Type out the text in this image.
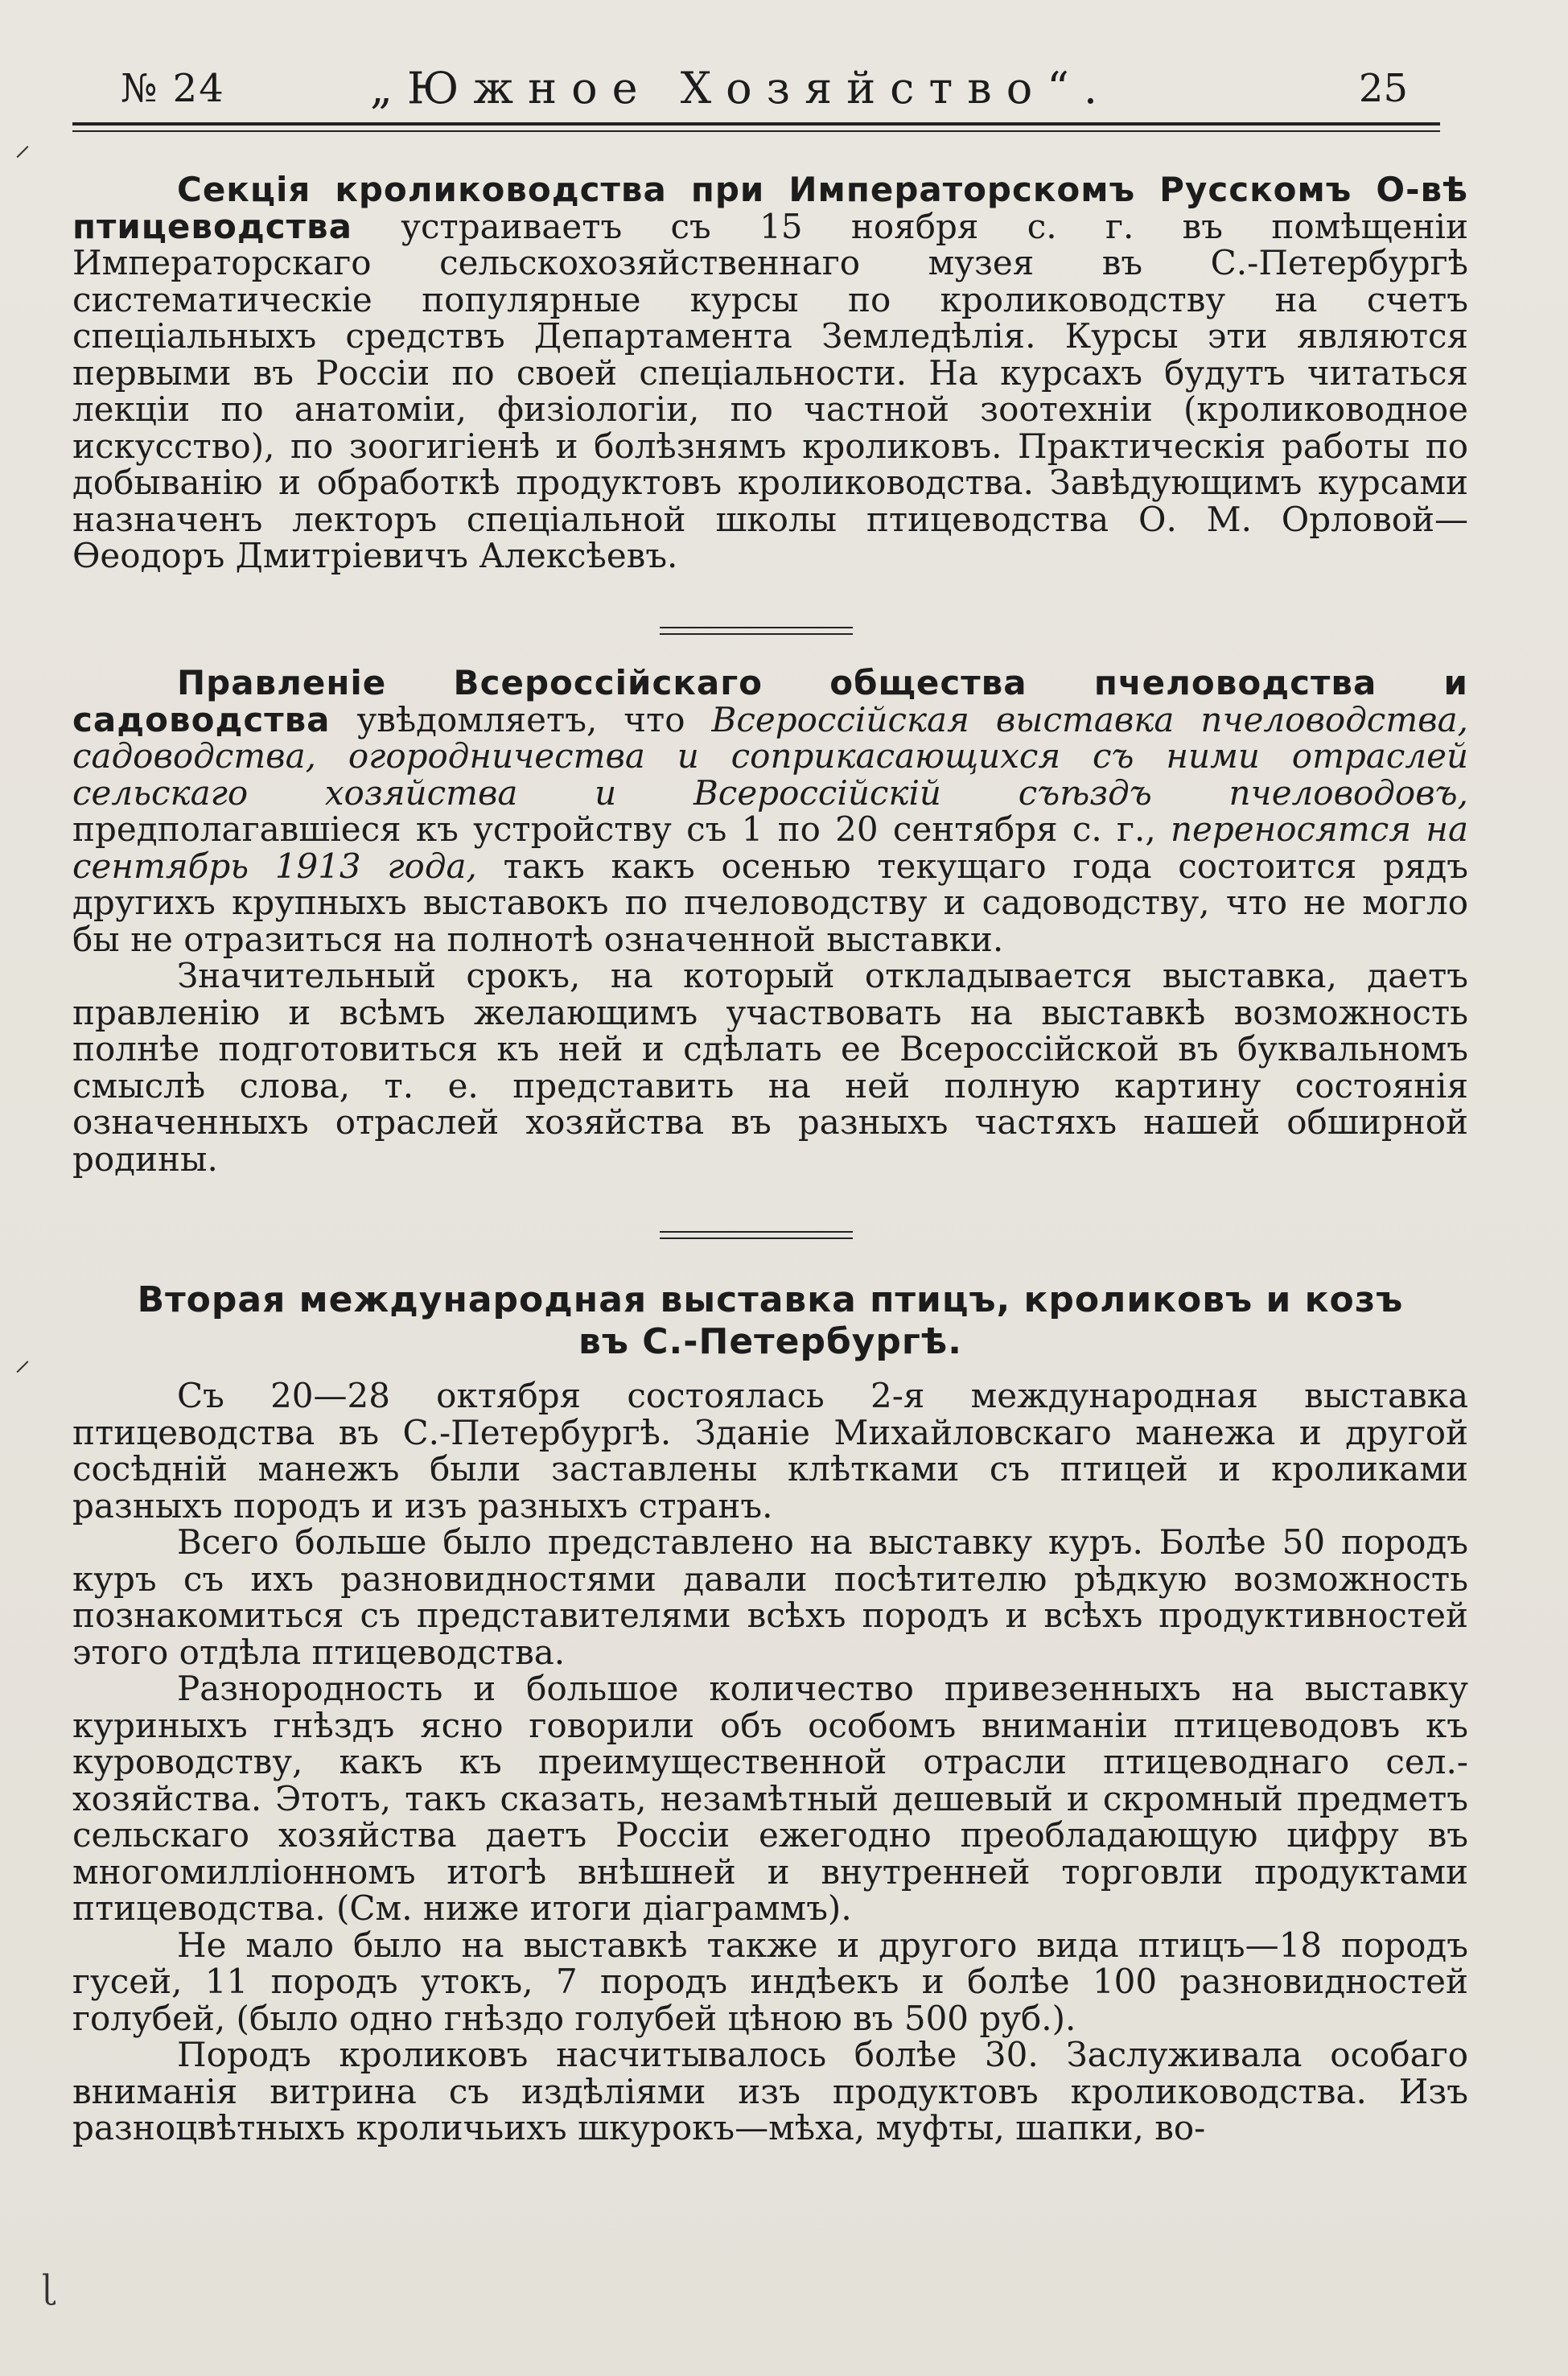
№ 24	„Южное Хозяйство“.	25
⸝
⸝
ɭ

Секція кролиководства при Императорскомъ Русскомъ О-вѣ птицеводства устраиваетъ съ 15 ноября с. г. въ помѣщеніи Императорскаго сельскохозяйственнаго музея въ С.-Петербургѣ систематическіе популярные курсы по кролиководству на счетъ спеціальныхъ средствъ Департамента Земледѣлія. Курсы эти являются первыми въ Россіи по своей спеціальности. На курсахъ будутъ читаться лекціи по анатоміи, физіологіи, по частной зоотехніи (кролиководное искусство), по зоогигіенѣ и болѣзнямъ кроликовъ. Практическія работы по добыванію и обработкѣ продуктовъ кролиководства. Завѣдующимъ курсами назначенъ лекторъ спеціальной школы птицеводства О. М. Орловой—Ѳеодоръ Дмитріевичъ Алексѣевъ.

Правленіе Всероссійскаго общества пчеловодства и садоводства увѣдомляетъ, что Всероссійская выставка пчеловодства, садоводства, огородничества и соприкасающихся съ ними отраслей сельскаго хозяйства и Всероссійскій съѣздъ пчеловодовъ, предполагавшіеся къ устройству съ 1 по 20 сентября с. г., переносятся на сентябрь 1913 года, такъ какъ осенью текущаго года состоится рядъ другихъ крупныхъ выставокъ по пчеловодству и садоводству, что не могло бы не отразиться на полнотѣ означенной выставки.

Значительный срокъ, на который откладывается выставка, даетъ правленію и всѣмъ желающимъ участвовать на выставкѣ возможность полнѣе подготовиться къ ней и сдѣлать ее Всероссійской въ буквальномъ смыслѣ слова, т. е. представить на ней полную картину состоянія означенныхъ отраслей хозяйства въ разныхъ частяхъ нашей обширной родины.

Вторая международная выставка птицъ, кроликовъ и козъ
въ С.-Петербургѣ.

Съ 20—28 октября состоялась 2-я международная выставка птицеводства въ С.-Петербургѣ. Зданіе Михайловскаго манежа и другой сосѣдній манежъ были заставлены клѣтками съ птицей и кроликами разныхъ породъ и изъ разныхъ странъ.

Всего больше было представлено на выставку куръ. Болѣе 50 породъ куръ съ ихъ разновидностями давали посѣтителю рѣдкую возможность познакомиться съ представителями всѣхъ породъ и всѣхъ продуктивностей этого отдѣла птицеводства.

Разнородность и большое количество привезенныхъ на выставку куриныхъ гнѣздъ ясно говорили объ особомъ вниманіи птицеводовъ къ куроводству, какъ къ преимущественной отрасли птицеводнаго сел.-хозяйства. Этотъ, такъ сказать, незамѣтный дешевый и скромный предметъ сельскаго хозяйства даетъ Россіи ежегодно преобладающую цифру въ многомилліонномъ итогѣ внѣшней и внутренней торговли продуктами птицеводства. (См. ниже итоги діаграммъ).

Не мало было на выставкѣ также и другого вида птицъ—18 породъ гусей, 11 породъ утокъ, 7 породъ индѣекъ и болѣе 100 разновидностей голубей, (было одно гнѣздо голубей цѣною въ 500 руб.).

Породъ кроликовъ насчитывалось болѣе 30. Заслуживала особаго вниманія витрина съ издѣліями изъ продуктовъ кролиководства. Изъ разноцвѣтныхъ кроличьихъ шкурокъ—мѣха, муфты, шапки, во-
